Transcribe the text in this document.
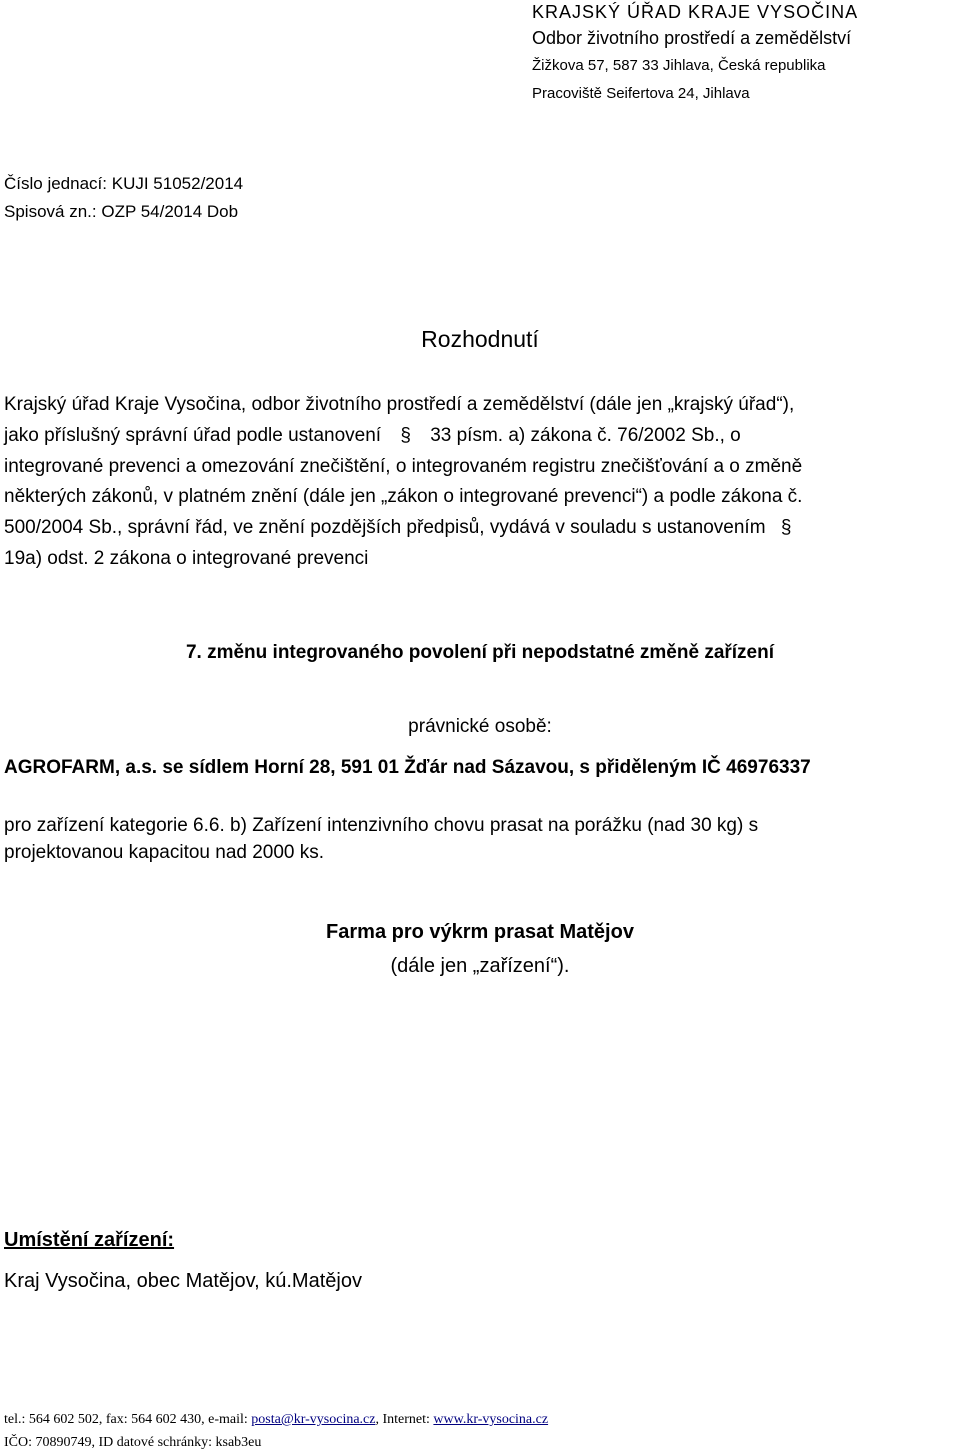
KRAJSKÝ ÚŘAD KRAJE VYSOČINA
Odbor životního prostředí a zemědělství
Žižkova 57, 587 33 Jihlava, Česká republika
Pracoviště Seifertova 24, Jihlava
Číslo jednací: KUJI 51052/2014
Spisová zn.: OZP 54/2014 Dob
Rozhodnutí
Krajský úřad Kraje Vysočina, odbor životního prostředí a zemědělství (dále jen „krajský úřad“),
jako příslušný správní úřad podle ustanovení § 33 písm. a) zákona č. 76/2002 Sb., o
integrované prevenci a omezování znečištění, o integrovaném registru znečišťování a o změně
některých zákonů, v platném znění (dále jen „zákon o integrované prevenci“) a podle zákona č.
500/2004 Sb., správní řád, ve znění pozdějších předpisů, vydává v souladu s ustanovením §
19a) odst. 2 zákona o integrované prevenci
7. změnu integrovaného povolení při nepodstatné změně zařízení
právnické osobě:
AGROFARM, a.s. se sídlem Horní 28, 591 01 Žďár nad Sázavou, s přiděleným IČ 46976337
pro zařízení kategorie 6.6. b) Zařízení intenzivního chovu prasat na porážku (nad 30 kg) s
projektovanou kapacitou nad 2000 ks.
Farma pro výkrm prasat Matějov
(dále jen „zařízení“).
Umístění zařízení:
Kraj Vysočina, obec Matějov, kú.Matějov
tel.: 564 602 502, fax: 564 602 430, e-mail: posta@kr-vysocina.cz, Internet: www.kr-vysocina.cz
IČO: 70890749, ID datové schránky: ksab3eu
